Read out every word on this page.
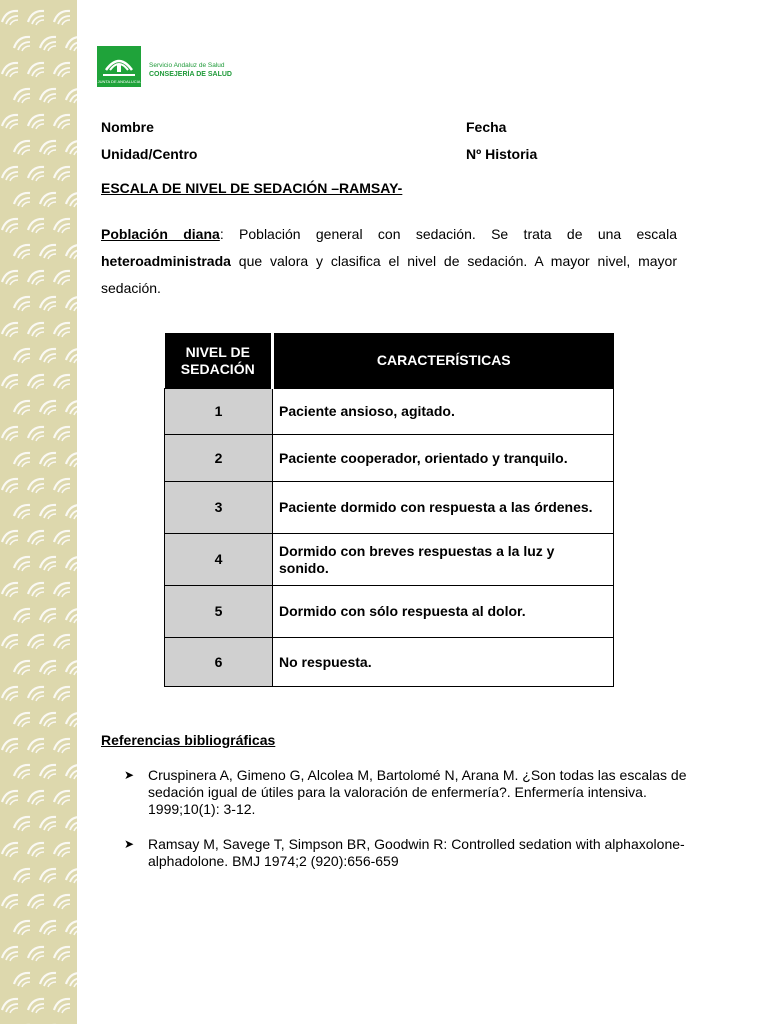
JUNTA DE ANDALUCIA
Servicio Andaluz de Salud
CONSEJERÍA DE SALUD
Nombre	Fecha
Unidad/Centro	Nº Historia
ESCALA DE NIVEL DE SEDACIÓN –RAMSAY-
Población diana: Población general con sedación. Se trata de una escala heteroadministrada que valora y clasifica el nivel de sedación. A mayor nivel, mayor sedación.
NIVEL DE SEDACIÓN	CARACTERÍSTICAS
1	Paciente ansioso, agitado.
2	Paciente cooperador, orientado y tranquilo.
3	Paciente dormido con respuesta a las órdenes.
4	Dormido con breves respuestas a la luz y sonido.
5	Dormido con sólo respuesta al dolor.
6	No respuesta.
Referencias bibliográficas
➤ Cruspinera A, Gimeno G, Alcolea M, Bartolomé N, Arana M. ¿Son todas las escalas de sedación igual de útiles para la valoración de enfermería?. Enfermería intensiva. 1999;10(1): 3-12.
➤ Ramsay M, Savege T, Simpson BR, Goodwin R: Controlled sedation with alphaxolone-alphadolone. BMJ 1974;2 (920):656-659
